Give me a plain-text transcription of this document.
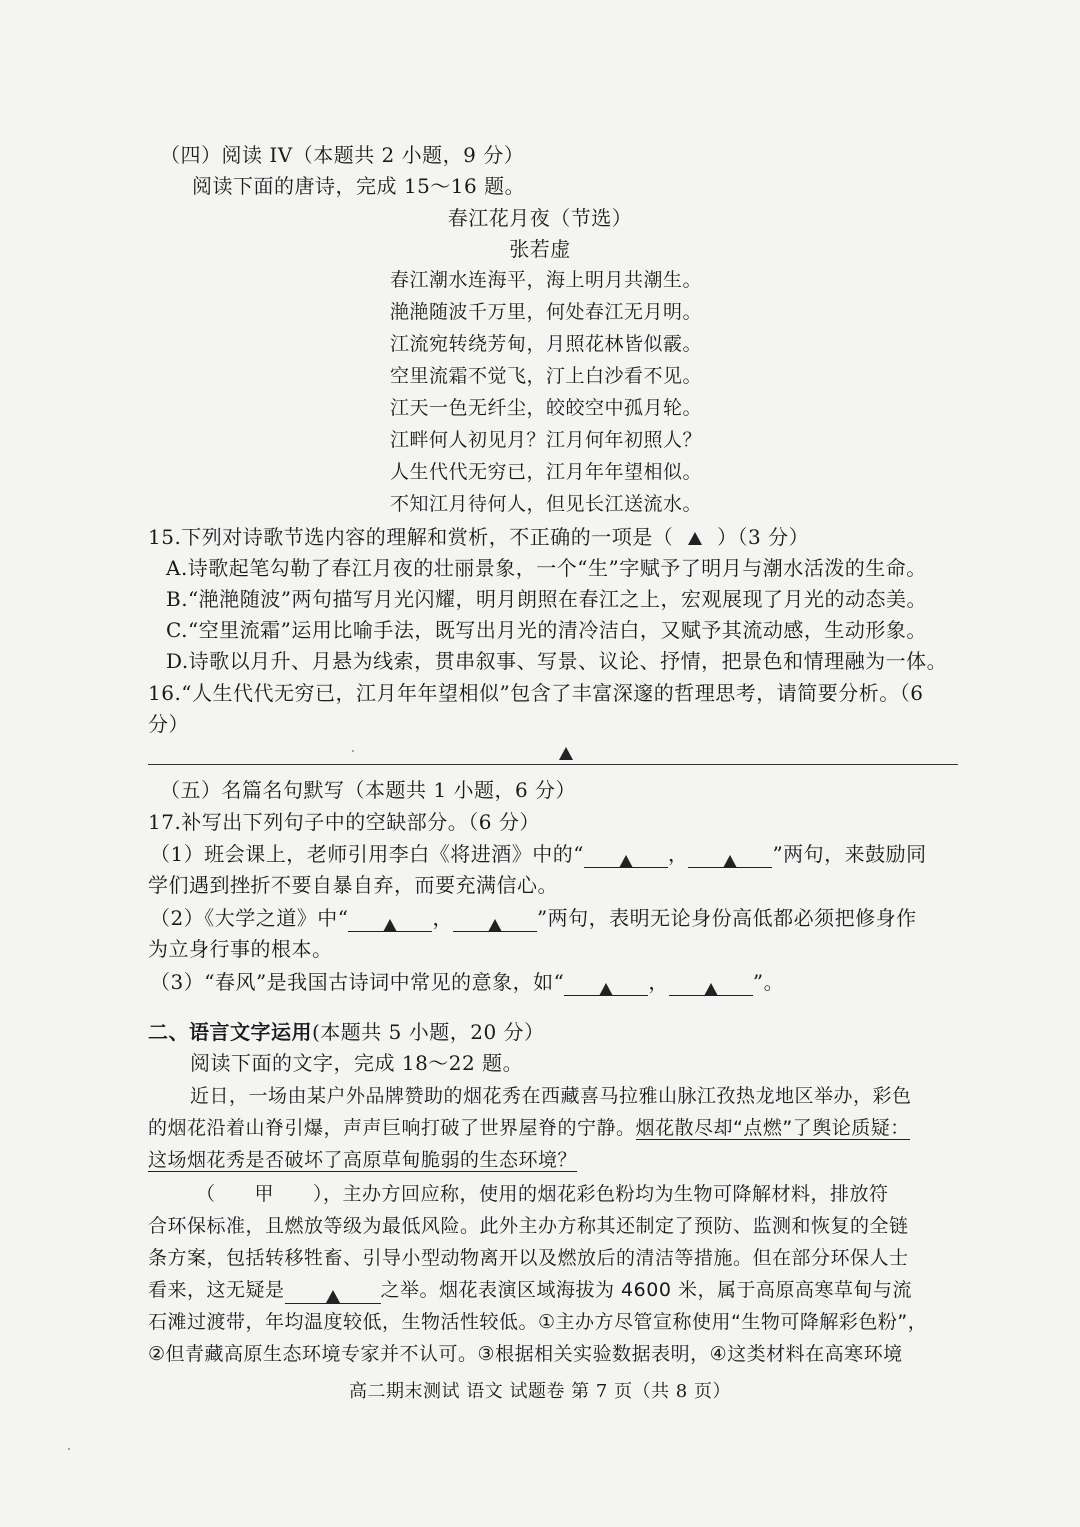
（四）阅读 IV（本题共 2 小题，9 分）
阅读下面的唐诗，完成 15～16 题。
春江花月夜（节选）
张若虚
春江潮水连海平，海上明月共潮生。
滟滟随波千万里，何处春江无月明。
江流宛转绕芳甸，月照花林皆似霰。
空里流霜不觉飞，汀上白沙看不见。
江天一色无纤尘，皎皎空中孤月轮。
江畔何人初见月？江月何年初照人？
人生代代无穷已，江月年年望相似。
不知江月待何人，但见长江送流水。
15.下列对诗歌节选内容的理解和赏析，不正确的一项是（ ）（3 分）
A.诗歌起笔勾勒了春江月夜的壮丽景象，一个“生”字赋予了明月与潮水活泼的生命。
B.“滟滟随波”两句描写月光闪耀，明月朗照在春江之上，宏观展现了月光的动态美。
C.“空里流霜”运用比喻手法，既写出月光的清冷洁白，又赋予其流动感，生动形象。
D.诗歌以月升、月悬为线索，贯串叙事、写景、议论、抒情，把景色和情理融为一体。
16.“人生代代无穷已，江月年年望相似”包含了丰富深邃的哲理思考，请简要分析。（6
分）
（五）名篇名句默写（本题共 1 小题，6 分）
17.补写出下列句子中的空缺部分。（6 分）
（1）班会课上，老师引用李白《将进酒》中的“	，	”两句，来鼓励同
学们遇到挫折不要自暴自弃，而要充满信心。
（2）《大学之道》中“	，	”两句，表明无论身份高低都必须把修身作
为立身行事的根本。
（3）“春风”是我国古诗词中常见的意象，如“	，	”。
二、语言文字运用(本题共 5 小题，20 分）
阅读下面的文字，完成 18～22 题。
近日，一场由某户外品牌赞助的烟花秀在西藏喜马拉雅山脉江孜热龙地区举办，彩色
的烟花沿着山脊引爆，声声巨响打破了世界屋脊的宁静。烟花散尽却“点燃”了舆论质疑：
这场烟花秀是否破坏了高原草甸脆弱的生态环境？
（　　甲　　），主办方回应称，使用的烟花彩色粉均为生物可降解材料，排放符
合环保标准，且燃放等级为最低风险。此外主办方称其还制定了预防、监测和恢复的全链
条方案，包括转移牲畜、引导小型动物离开以及燃放后的清洁等措施。但在部分环保人士
看来，这无疑是	之举。烟花表演区域海拔为 4600 米，属于高原高寒草甸与流
石滩过渡带，年均温度较低，生物活性较低。①主办方尽管宣称使用“生物可降解彩色粉”，
②但青藏高原生态环境专家并不认可。③根据相关实验数据表明，④这类材料在高寒环境
高二期末测试 语文 试题卷 第 7 页（共 8 页）
